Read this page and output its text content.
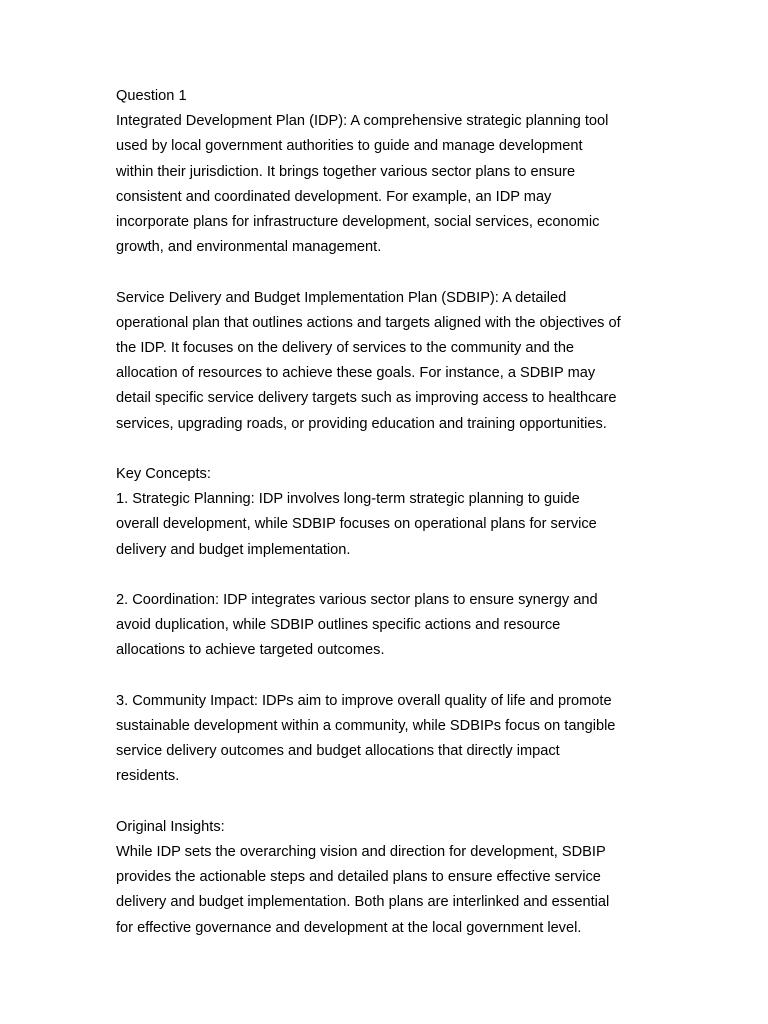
Question 1
Integrated Development Plan (IDP): A comprehensive strategic planning tool
used by local government authorities to guide and manage development
within their jurisdiction. It brings together various sector plans to ensure
consistent and coordinated development. For example, an IDP may
incorporate plans for infrastructure development, social services, economic
growth, and environmental management.
Service Delivery and Budget Implementation Plan (SDBIP): A detailed
operational plan that outlines actions and targets aligned with the objectives of
the IDP. It focuses on the delivery of services to the community and the
allocation of resources to achieve these goals. For instance, a SDBIP may
detail specific service delivery targets such as improving access to healthcare
services, upgrading roads, or providing education and training opportunities.
Key Concepts:
1. Strategic Planning: IDP involves long-term strategic planning to guide
overall development, while SDBIP focuses on operational plans for service
delivery and budget implementation.
2. Coordination: IDP integrates various sector plans to ensure synergy and
avoid duplication, while SDBIP outlines specific actions and resource
allocations to achieve targeted outcomes.
3. Community Impact: IDPs aim to improve overall quality of life and promote
sustainable development within a community, while SDBIPs focus on tangible
service delivery outcomes and budget allocations that directly impact
residents.
Original Insights:
While IDP sets the overarching vision and direction for development, SDBIP
provides the actionable steps and detailed plans to ensure effective service
delivery and budget implementation. Both plans are interlinked and essential
for effective governance and development at the local government level.
